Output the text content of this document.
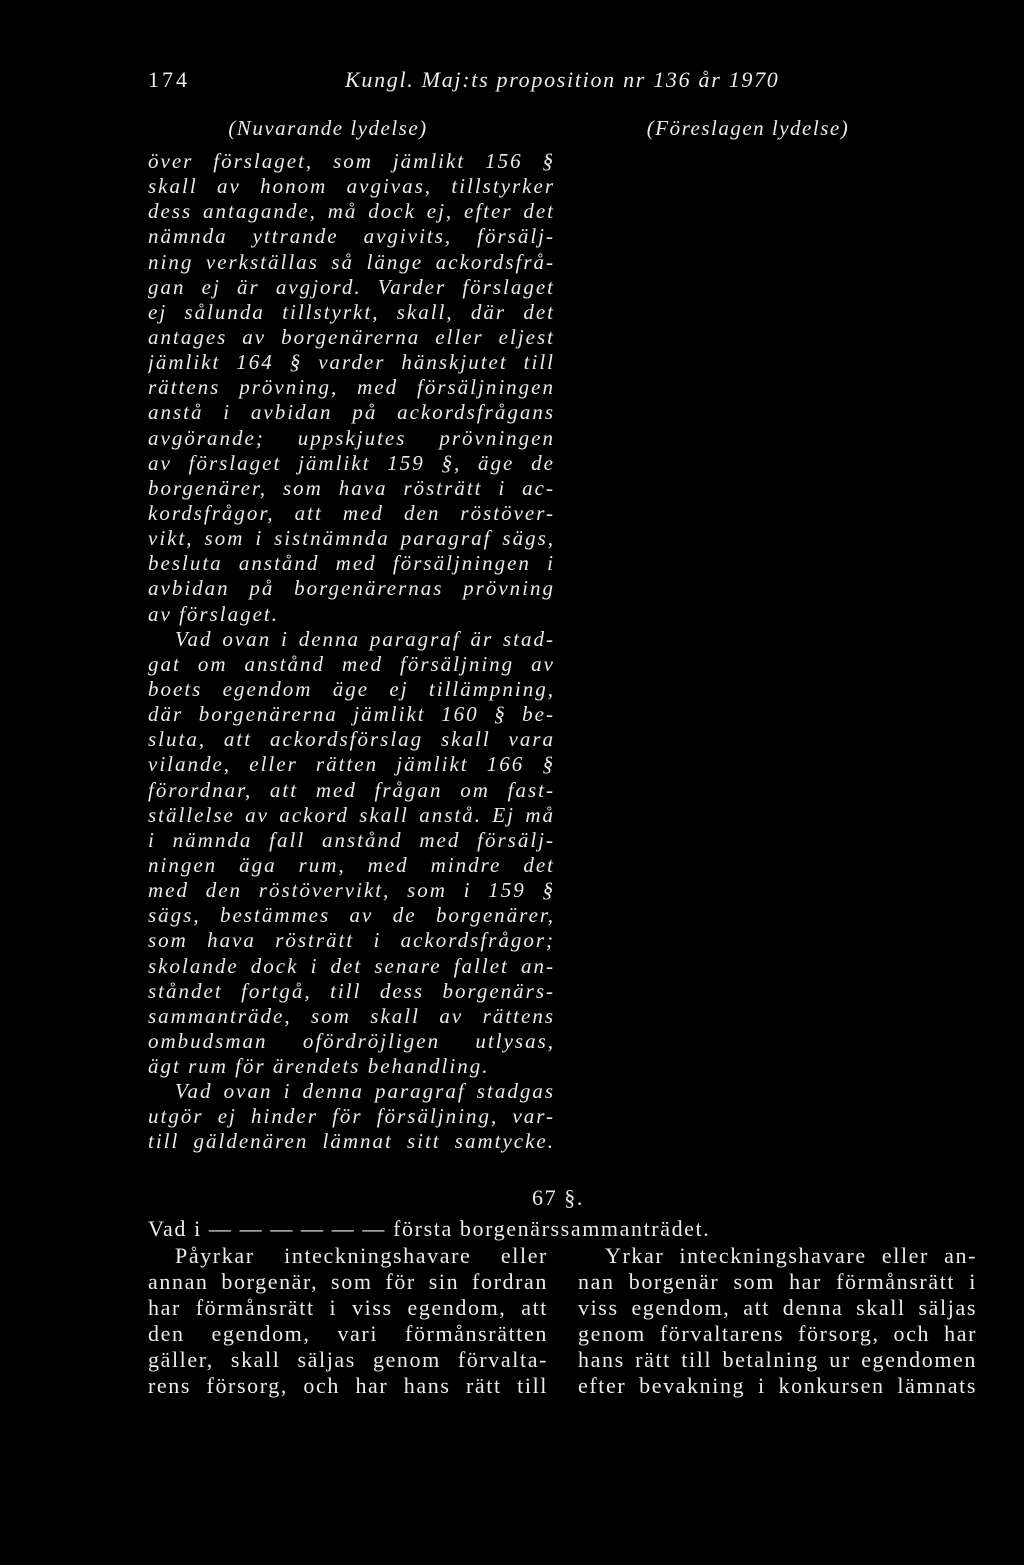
174	Kungl. Maj:ts proposition nr 136 år 1970
(Nuvarande lydelse)	(Föreslagen lydelse)
över förslaget, som jämlikt 156 §
skall av honom avgivas, tillstyrker
dess antagande, må dock ej, efter det
nämnda yttrande avgivits, försälj-
ning verkställas så länge ackordsfrå-
gan ej är avgjord. Varder förslaget
ej sålunda tillstyrkt, skall, där det
antages av borgenärerna eller eljest
jämlikt 164 § varder hänskjutet till
rättens prövning, med försäljningen
anstå i avbidan på ackordsfrågans
avgörande; uppskjutes prövningen
av förslaget jämlikt 159 §, äge de
borgenärer, som hava rösträtt i ac-
kordsfrågor, att med den röstöver-
vikt, som i sistnämnda paragraf sägs,
besluta anstånd med försäljningen i
avbidan på borgenärernas prövning
av förslaget.
Vad ovan i denna paragraf är stad-
gat om anstånd med försäljning av
boets egendom äge ej tillämpning,
där borgenärerna jämlikt 160 § be-
sluta, att ackordsförslag skall vara
vilande, eller rätten jämlikt 166 §
förordnar, att med frågan om fast-
ställelse av ackord skall anstå. Ej må
i nämnda fall anstånd med försälj-
ningen äga rum, med mindre det
med den röstövervikt, som i 159 §
sägs, bestämmes av de borgenärer,
som hava rösträtt i ackordsfrågor;
skolande dock i det senare fallet an-
ståndet fortgå, till dess borgenärs-
sammanträde, som skall av rättens
ombudsman ofördröjligen utlysas,
ägt rum för ärendets behandling.
Vad ovan i denna paragraf stadgas
utgör ej hinder för försäljning, var-
till gäldenären lämnat sitt samtycke.
67 §.
Vad i — — — — — — första borgenärssammanträdet.
Påyrkar inteckningshavare eller
annan borgenär, som för sin fordran
har förmånsrätt i viss egendom, att
den egendom, vari förmånsrätten
gäller, skall säljas genom förvalta-
rens försorg, och har hans rätt till
Yrkar inteckningshavare eller an-
nan borgenär som har förmånsrätt i
viss egendom, att denna skall säljas
genom förvaltarens försorg, och har
hans rätt till betalning ur egendomen
efter bevakning i konkursen lämnats
